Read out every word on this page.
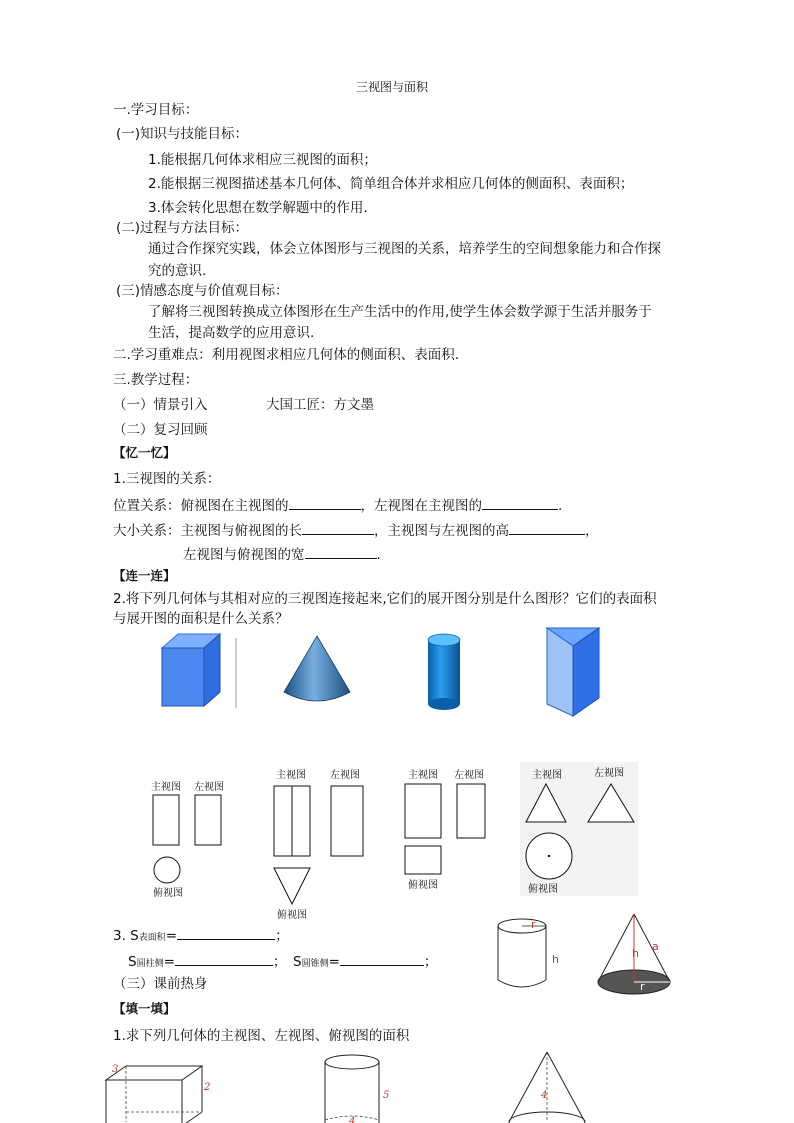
三视图与面积
一.学习目标：
(一)知识与技能目标：
1.能根据几何体求相应三视图的面积；
2.能根据三视图描述基本几何体、简单组合体并求相应几何体的侧面积、表面积；
3.体会转化思想在数学解题中的作用.
(二)过程与方法目标：
通过合作探究实践，体会立体图形与三视图的关系，培养学生的空间想象能力和合作探
究的意识.
(三)情感态度与价值观目标：
了解将三视图转换成立体图形在生产生活中的作用,使学生体会数学源于生活并服务于
生活，提高数学的应用意识.
二.学习重难点：利用视图求相应几何体的侧面积、表面积.
三.教学过程：
（一）情景引入	大国工匠：方文墨
（二）复习回顾
【忆一忆】
1.三视图的关系：
位置关系：俯视图在主视图的	，左视图在主视图的	.
大小关系：主视图与俯视图的长	，主视图与左视图的高	，
左视图与俯视图的宽	.
【连一连】
2.将下列几何体与其相对应的三视图连接起来,它们的展开图分别是什么图形？它们的表面积
与展开图的面积是什么关系？
主视图 左视图
俯视图
主视图 左视图
俯视图
主视图 左视图
俯视图
主视图	左视图
俯视图
3. S表面积=	；
S圆柱侧=	； S圆锥侧=	；
r
h	h
a
r
（三）课前热身
【填一填】
1.求下列几何体的主视图、左视图、俯视图的面积
3
2
5
4
4
